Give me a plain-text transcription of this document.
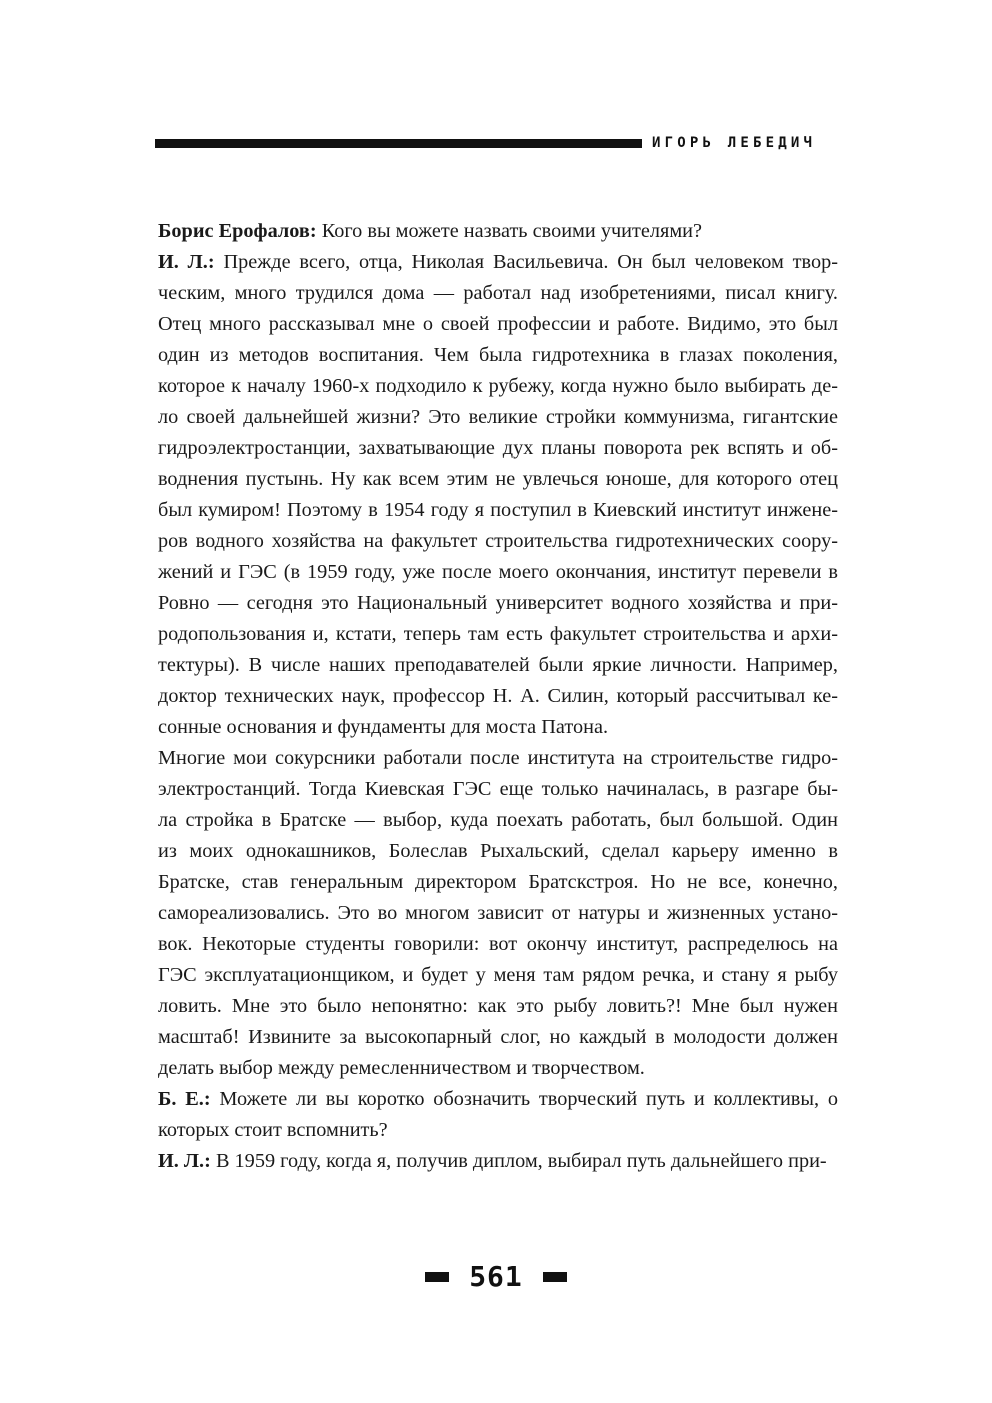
ИГОРЬ ЛЕБЕДИЧ
Борис Ерофалов: Кого вы можете назвать своими учителями?
И. Л.: Прежде всего, отца, Николая Васильевича. Он был человеком твор-
ческим, много трудился дома — работал над изобретениями, писал книгу.
Отец много рассказывал мне о своей профессии и работе. Видимо, это был
один из методов воспитания. Чем была гидротехника в глазах поколения,
которое к началу 1960-х подходило к рубежу, когда нужно было выбирать де-
ло своей дальнейшей жизни? Это великие стройки коммунизма, гигантские
гидроэлектростанции, захватывающие дух планы поворота рек вспять и об-
воднения пустынь. Ну как всем этим не увлечься юноше, для которого отец
был кумиром! Поэтому в 1954 году я поступил в Киевский институт инжене-
ров водного хозяйства на факультет строительства гидротехнических соору-
жений и ГЭС (в 1959 году, уже после моего окончания, институт перевели в
Ровно — сегодня это Национальный университет водного хозяйства и при-
родопользования и, кстати, теперь там есть факультет строительства и архи-
тектуры). В числе наших преподавателей были яркие личности. Например,
доктор технических наук, профессор Н. А. Силин, который рассчитывал ке-
сонные основания и фундаменты для моста Патона.
Многие мои сокурсники работали после института на строительстве гидро-
электростанций. Тогда Киевская ГЭС еще только начиналась, в разгаре бы-
ла стройка в Братске — выбор, куда поехать работать, был большой. Один
из моих однокашников, Болеслав Рыхальский, сделал карьеру именно в
Братске, став генеральным директором Братскстроя. Но не все, конечно,
самореализовались. Это во многом зависит от натуры и жизненных устано-
вок. Некоторые студенты говорили: вот окончу институт, распределюсь на
ГЭС эксплуатационщиком, и будет у меня там рядом речка, и стану я рыбу
ловить. Мне это было непонятно: как это рыбу ловить?! Мне был нужен
масштаб! Извините за высокопарный слог, но каждый в молодости должен
делать выбор между ремесленничеством и творчеством.
Б. Е.: Можете ли вы коротко обозначить творческий путь и коллективы, о
которых стоит вспомнить?
И. Л.: В 1959 году, когда я, получив диплом, выбирал путь дальнейшего при-
561
